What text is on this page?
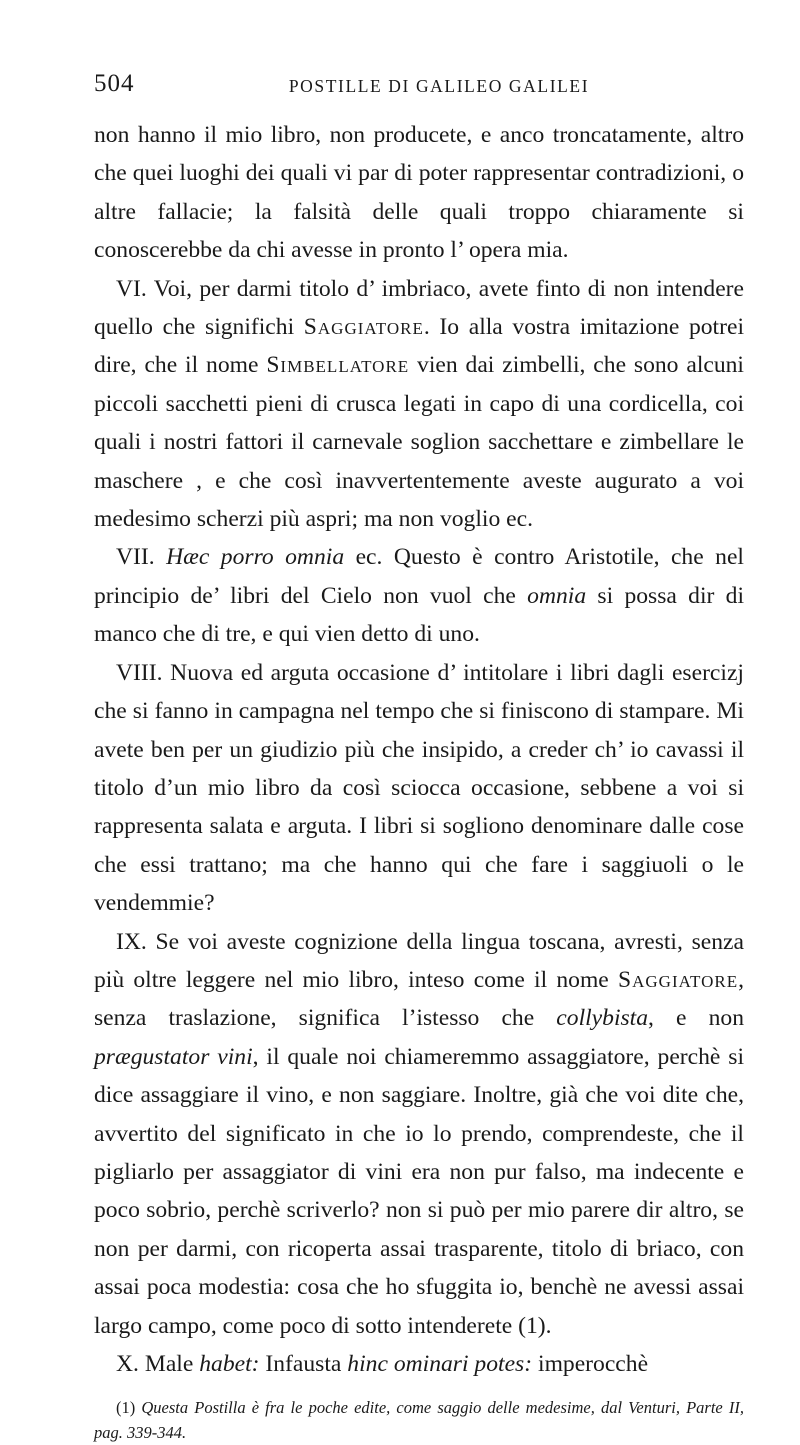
504	POSTILLE DI GALILEO GALILEI

non hanno il mio libro, non producete, e anco troncatamente, altro che quei luoghi dei quali vi par di poter rappresentar contradizioni, o altre fallacie; la falsità delle quali troppo chiaramente si conoscerebbe da chi avesse in pronto l’ opera mia.

VI. Voi, per darmi titolo d’ imbriaco, avete finto di non intendere quello che significhi Saggiatore. Io alla vostra imitazione potrei dire, che il nome Simbellatore vien dai zimbelli, che sono alcuni piccoli sacchetti pieni di crusca legati in capo di una cordicella, coi quali i nostri fattori il carnevale soglion sacchettare e zimbellare le maschere , e che così inavvertentemente aveste augurato a voi medesimo scherzi più aspri; ma non voglio ec.

VII. Hæc porro omnia ec. Questo è contro Aristotile, che nel principio de’ libri del Cielo non vuol che omnia si possa dir di manco che di tre, e qui vien detto di uno.

VIII. Nuova ed arguta occasione d’ intitolare i libri dagli esercizj che si fanno in campagna nel tempo che si finiscono di stampare. Mi avete ben per un giudizio più che insipido, a creder ch’ io cavassi il titolo d’un mio libro da così sciocca occasione, sebbene a voi si rappresenta salata e arguta. I libri si sogliono denominare dalle cose che essi trattano; ma che hanno qui che fare i saggiuoli o le vendemmie?

IX. Se voi aveste cognizione della lingua toscana, avresti, senza più oltre leggere nel mio libro, inteso come il nome Saggiatore, senza traslazione, significa l’istesso che collybista, e non prægustator vini, il quale noi chiameremmo assaggiatore, perchè si dice assaggiare il vino, e non saggiare. Inoltre, già che voi dite che, avvertito del significato in che io lo prendo, comprendeste, che il pigliarlo per assaggiator di vini era non pur falso, ma indecente e poco sobrio, perchè scriverlo? non si può per mio parere dir altro, se non per darmi, con ricoperta assai trasparente, titolo di briaco, con assai poca modestia: cosa che ho sfuggita io, benchè ne avessi assai largo campo, come poco di sotto intenderete (1).

X. Male habet: Infausta hinc ominari potes: imperocchè

(1) Questa Postilla è fra le poche edite, come saggio delle medesime, dal Venturi, Parte II, pag. 339-344.
